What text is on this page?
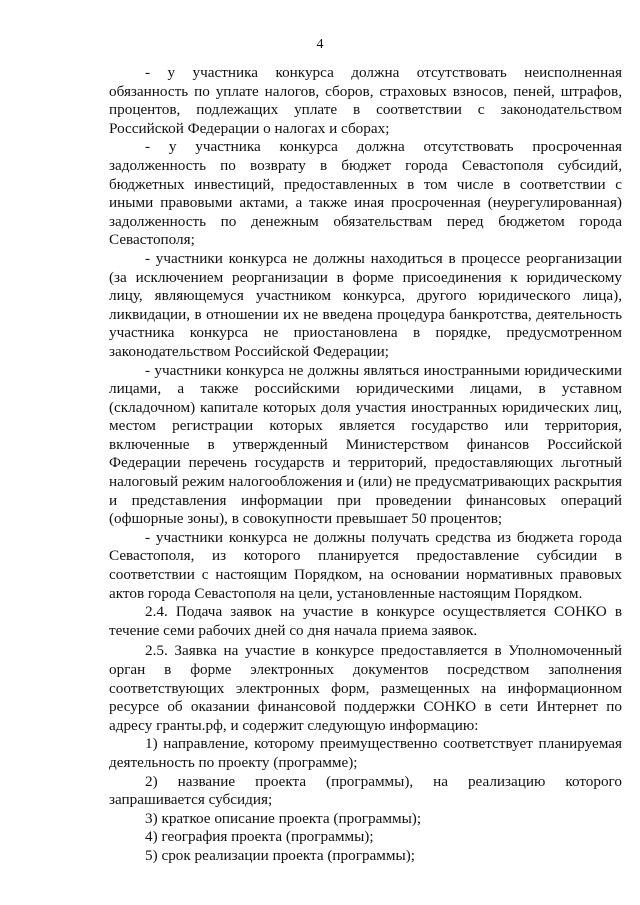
4

- у участника конкурса должна отсутствовать неисполненная обязанность по уплате налогов, сборов, страховых взносов, пеней, штрафов, процентов, подлежащих уплате в соответствии с законодательством Российской Федерации о налогах и сборах;

- у участника конкурса должна отсутствовать просроченная задолженность по возврату в бюджет города Севастополя субсидий, бюджетных инвестиций, предоставленных в том числе в соответствии с иными правовыми актами, а также иная просроченная (неурегулированная) задолженность по денежным обязательствам перед бюджетом города Севастополя;

- участники конкурса не должны находиться в процессе реорганизации (за исключением реорганизации в форме присоединения к юридическому лицу, являющемуся участником конкурса, другого юридического лица), ликвидации, в отношении их не введена процедура банкротства, деятельность участника конкурса не приостановлена в порядке, предусмотренном законодательством Российской Федерации;

- участники конкурса не должны являться иностранными юридическими лицами, а также российскими юридическими лицами, в уставном (складочном) капитале которых доля участия иностранных юридических лиц, местом регистрации которых является государство или территория, включенные в утвержденный Министерством финансов Российской Федерации перечень государств и территорий, предоставляющих льготный налоговый режим налогообложения и (или) не предусматривающих раскрытия и представления информации при проведении финансовых операций (офшорные зоны), в совокупности превышает 50 процентов;

- участники конкурса не должны получать средства из бюджета города Севастополя, из которого планируется предоставление субсидии в соответствии с настоящим Порядком, на основании нормативных правовых актов города Севастополя на цели, установленные настоящим Порядком.

2.4. Подача заявок на участие в конкурсе осуществляется СОНКО в течение семи рабочих дней со дня начала приема заявок.

2.5. Заявка на участие в конкурсе предоставляется в Уполномоченный орган в форме электронных документов посредством заполнения соответствующих электронных форм, размещенных на информационном ресурсе об оказании финансовой поддержки СОНКО в сети Интернет по адресу гранты.рф, и содержит следующую информацию:

1) направление, которому преимущественно соответствует планируемая деятельность по проекту (программе);

2) название проекта (программы), на реализацию которого запрашивается субсидия;

3) краткое описание проекта (программы);

4) география проекта (программы);

5) срок реализации проекта (программы);
